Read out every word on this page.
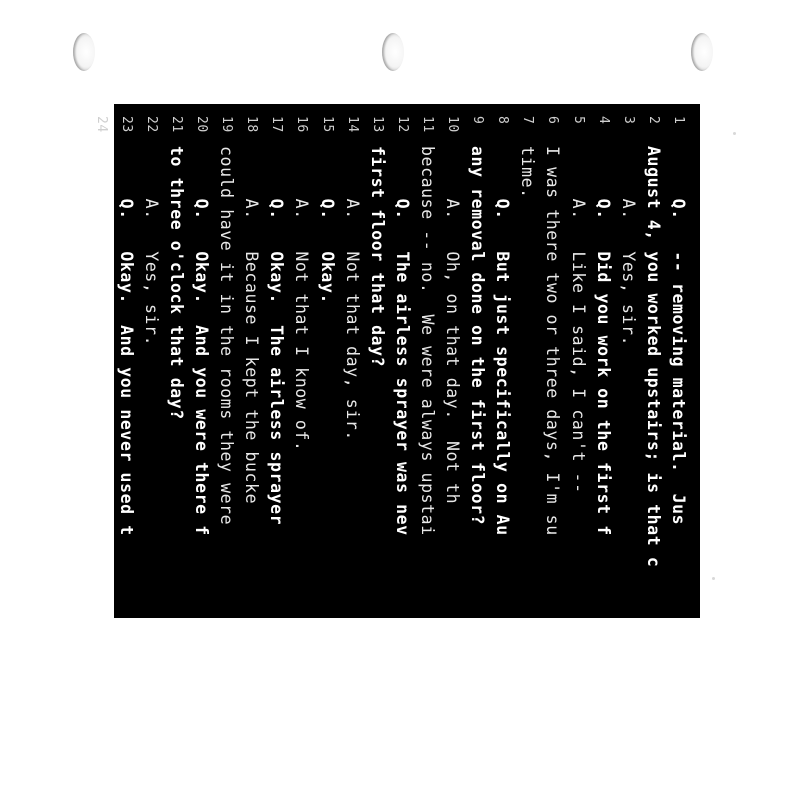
1
Q.   -- removing material.  Jus
2
August 4, you worked upstairs; is that c
3
A.   Yes, sir.
4
Q.   Did you work on the first f
5
A.   Like I said, I can't --
6
I was there two or three days, I'm su
7
time.
8
Q.   But just specifically on Au
9
any removal done on the first floor?
10
A.   Oh, on that day.  Not th
11
because -- no.  We were always upstai
12
Q.   The airless sprayer was nev
13
first floor that day?
14
A.   Not that day, sir.
15
Q.   Okay.
16
A.   Not that I know of.
17
Q.   Okay.  The airless sprayer
18
A.   Because I kept the bucke
19
could have it in the rooms they were
20
Q.   Okay.  And you were there f
21
to three o'clock that day?
22
A.   Yes, sir.
23
Q.   Okay.  And you never used t
24
on the first floor at all that day.
